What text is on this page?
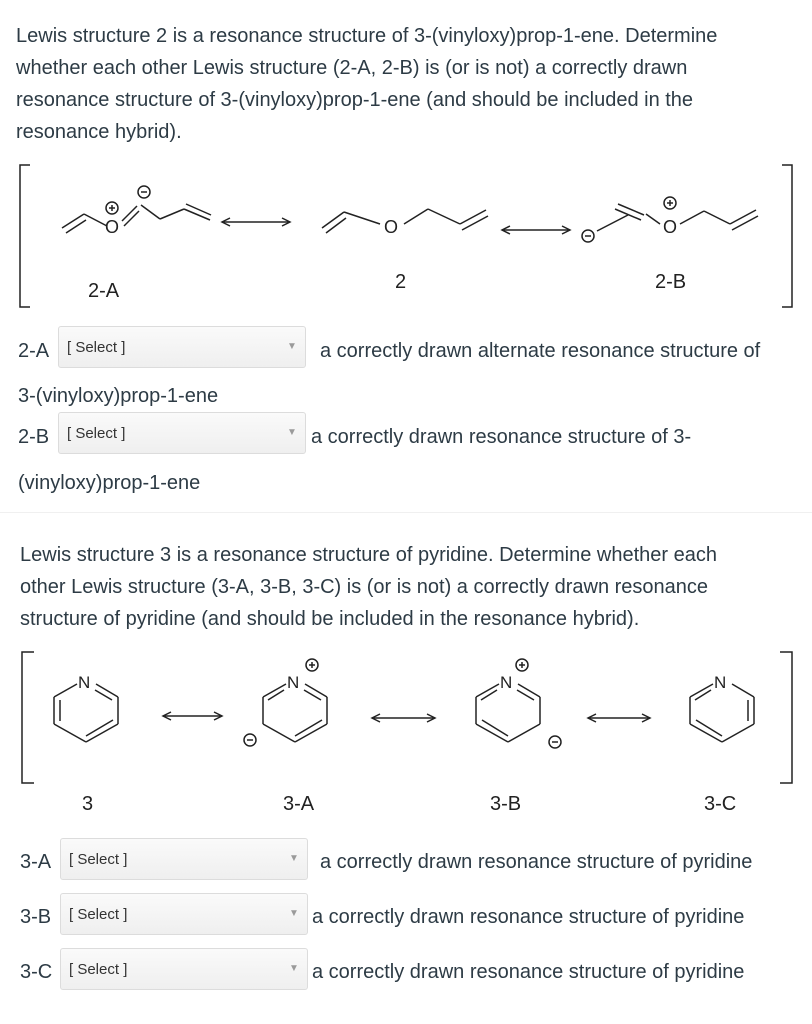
Lewis structure 2 is a resonance structure of 3-(vinyloxy)prop-1-ene. Determine
whether each other Lewis structure (2-A, 2-B) is (or is not) a correctly drawn
resonance structure of 3-(vinyloxy)prop-1-ene (and should be included in the
resonance hybrid).
O	O	O
2-A	2	2-B
2-A [ Select ]	▼ a correctly drawn alternate resonance structure of
3-(vinyloxy)prop-1-ene
2-B [ Select ]	▼ a correctly drawn resonance structure of 3-
(vinyloxy)prop-1-ene
Lewis structure 3 is a resonance structure of pyridine. Determine whether each
other Lewis structure (3-A, 3-B, 3-C) is (or is not) a correctly drawn resonance
structure of pyridine (and should be included in the resonance hybrid).
N	N	N	N
3	3-A	3-B	3-C
3-A [ Select ]	▼ a correctly drawn resonance structure of pyridine
3-B [ Select ]	▼ a correctly drawn resonance structure of pyridine
3-C [ Select ]	▼ a correctly drawn resonance structure of pyridine
